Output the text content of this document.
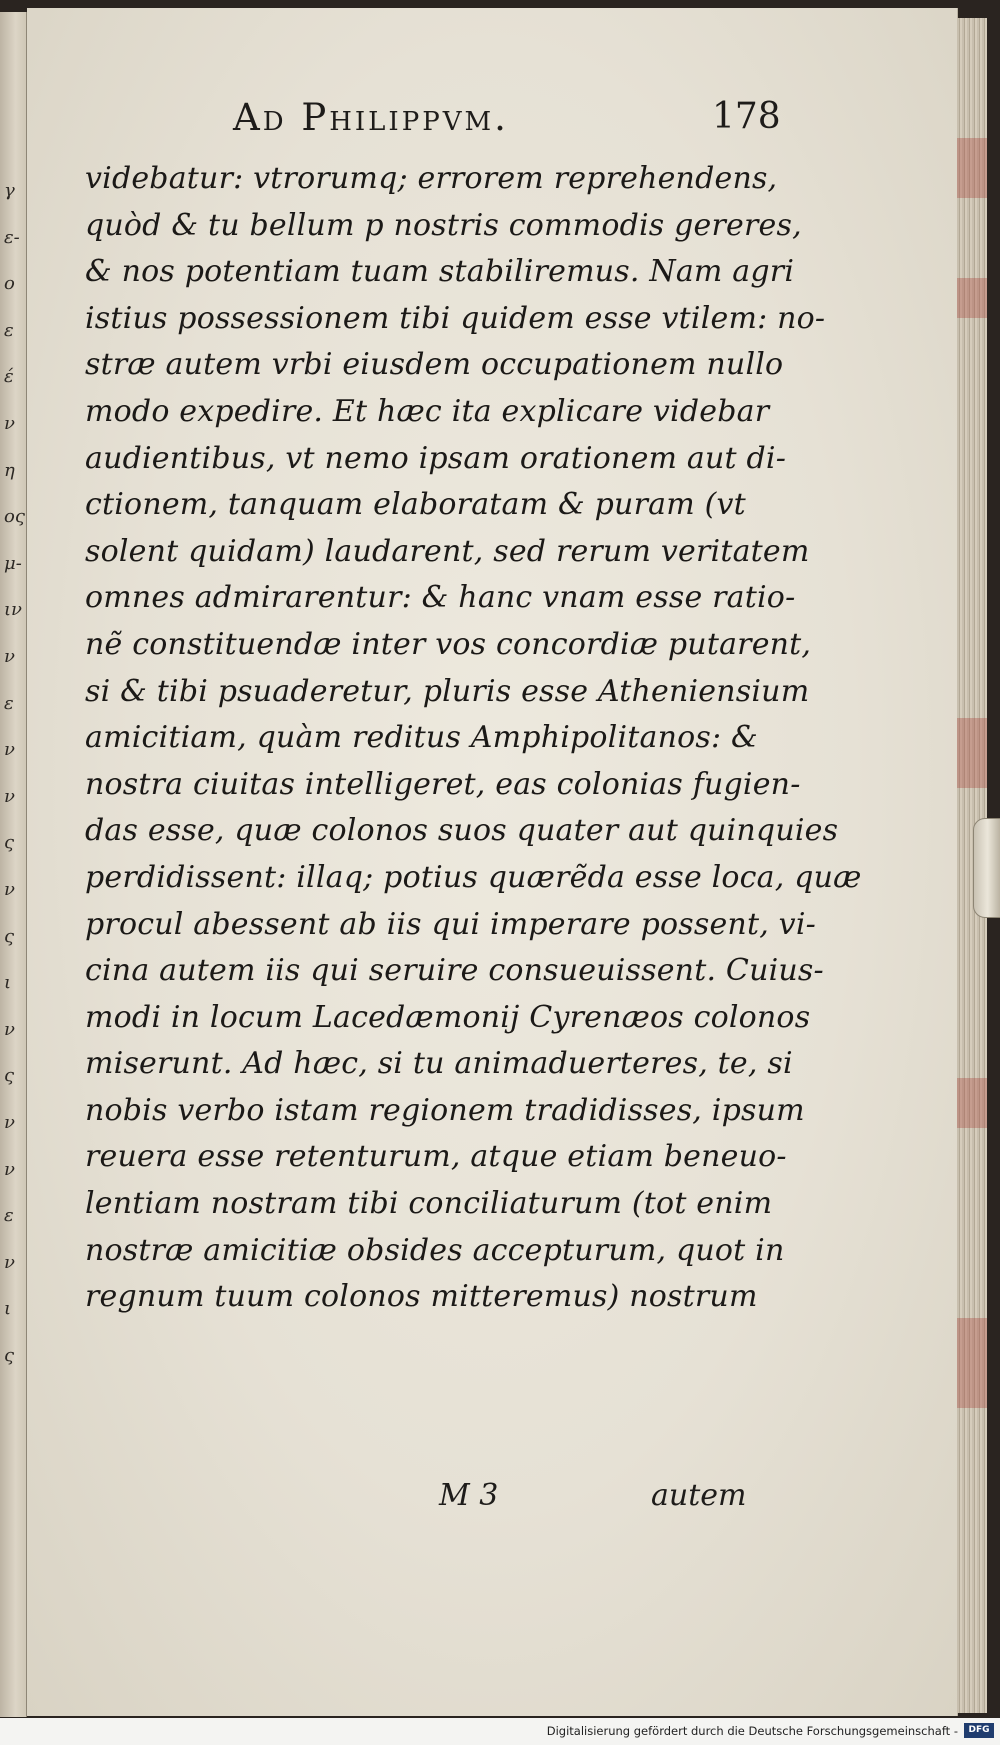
γ
ε-
ο
ε
έ
ν
η
ος
μ-
ιν
ν
ε
ν
ν
ς
ν
ς
ι
ν
ς
ν
ν
ε
ν
ι
ς
Ad Philippvm.	178
videbatur: vtrorumq; errorem reprehendens,
quòd & tu bellum p nostris commodis gereres,
& nos potentiam tuam stabiliremus. Nam agri
istius possessionem tibi quidem esse vtilem: no-
stræ autem vrbi eiusdem occupationem nullo
modo expedire. Et hæc ita explicare videbar
audientibus, vt nemo ipsam orationem aut di-
ctionem, tanquam elaboratam & puram (vt
solent quidam) laudarent, sed rerum veritatem
omnes admirarentur: & hanc vnam esse ratio-
nẽ constituendæ inter vos concordiæ putarent,
si & tibi psuaderetur, pluris esse Atheniensium
amicitiam, quàm reditus Amphipolitanos: &
nostra ciuitas intelligeret, eas colonias fugien-
das esse, quæ colonos suos quater aut quinquies
perdidissent: illaq; potius quærẽda esse loca, quæ
procul abessent ab iis qui imperare possent, vi-
cina autem iis qui seruire consueuissent. Cuius-
modi in locum Lacedæmonij Cyrenæos colonos
miserunt. Ad hæc, si tu animaduerteres, te, si
nobis verbo istam regionem tradidisses, ipsum
reuera esse retenturum, atque etiam beneuo-
lentiam nostram tibi conciliaturum (tot enim
nostræ amicitiæ obsides accepturum, quot in
regnum tuum colonos mitteremus) nostrum
M 3	autem
Digitalisierung gefördert durch die Deutsche Forschungsgemeinschaft -	DFG
